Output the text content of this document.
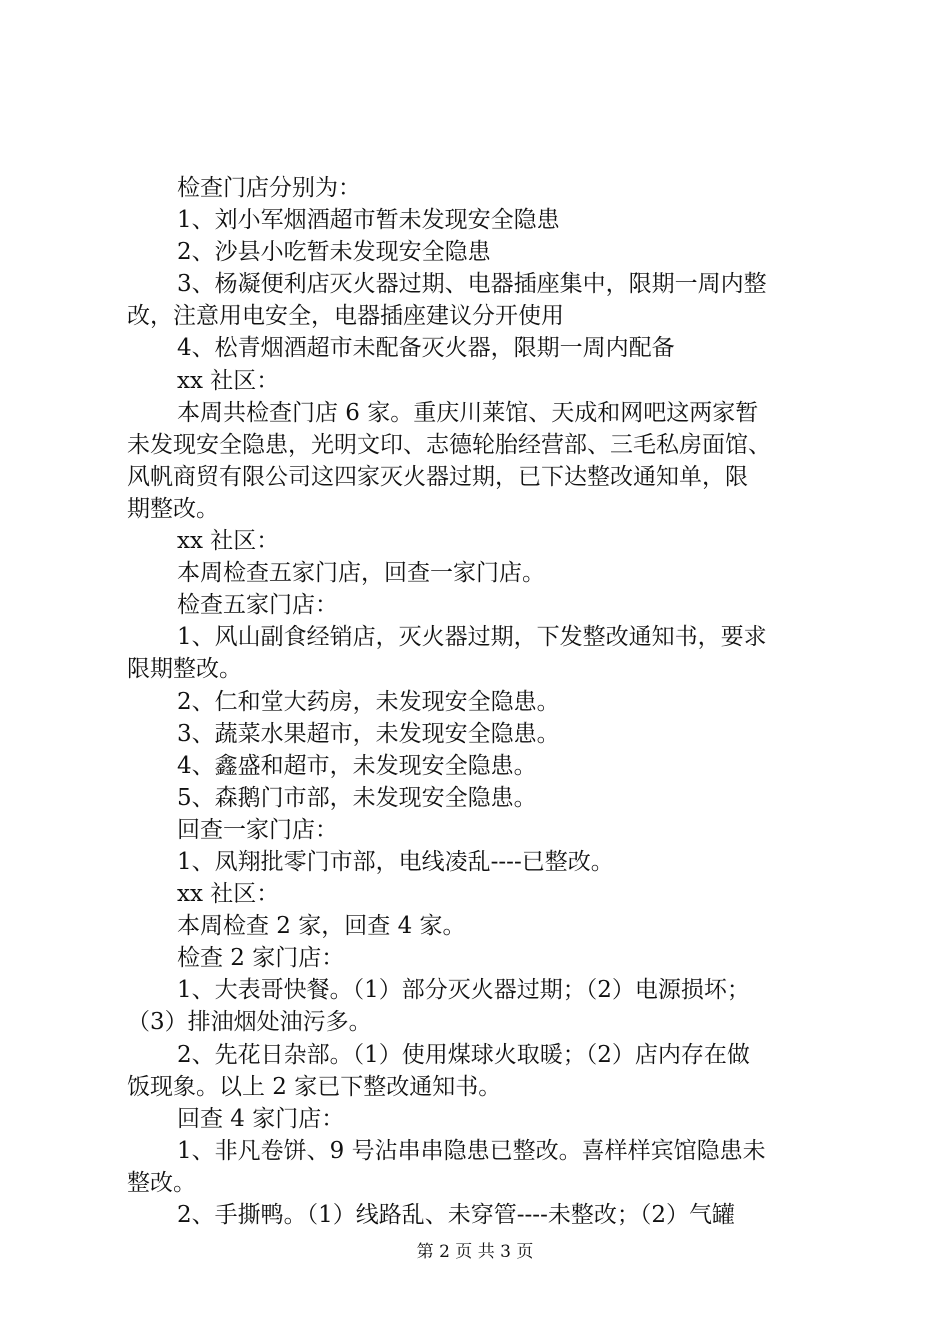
检查门店分别为：
1、刘小军烟酒超市暂未发现安全隐患
2、沙县小吃暂未发现安全隐患
3、杨凝便利店灭火器过期、电器插座集中，限期一周内整
改，注意用电安全，电器插座建议分开使用
4、松青烟酒超市未配备灭火器，限期一周内配备
xx 社区：
本周共检查门店 6 家。重庆川莱馆、天成和网吧这两家暂
未发现安全隐患，光明文印、志德轮胎经营部、三毛私房面馆、
风帆商贸有限公司这四家灭火器过期，已下达整改通知单，限
期整改。
xx 社区：
本周检查五家门店，回查一家门店。
检查五家门店：
1、风山副食经销店，灭火器过期，下发整改通知书，要求
限期整改。
2、仁和堂大药房，未发现安全隐患。
3、蔬菜水果超市，未发现安全隐患。
4、鑫盛和超市，未发现安全隐患。
5、森鹅门市部，未发现安全隐患。
回查一家门店：
1、凤翔批零门市部，电线凌乱----已整改。
xx 社区：
本周检查 2 家，回查 4 家。
检查 2 家门店：
1、大表哥快餐。（1）部分灭火器过期；（2）电源损坏；
（3）排油烟处油污多。
2、先花日杂部。（1）使用煤球火取暖；（2）店内存在做
饭现象。以上 2 家已下整改通知书。
回查 4 家门店：
1、非凡卷饼、9 号沾串串隐患已整改。喜样样宾馆隐患未
整改。
2、手撕鸭。（1）线路乱、未穿管----未整改；（2）气罐
第 2 页 共 3 页
